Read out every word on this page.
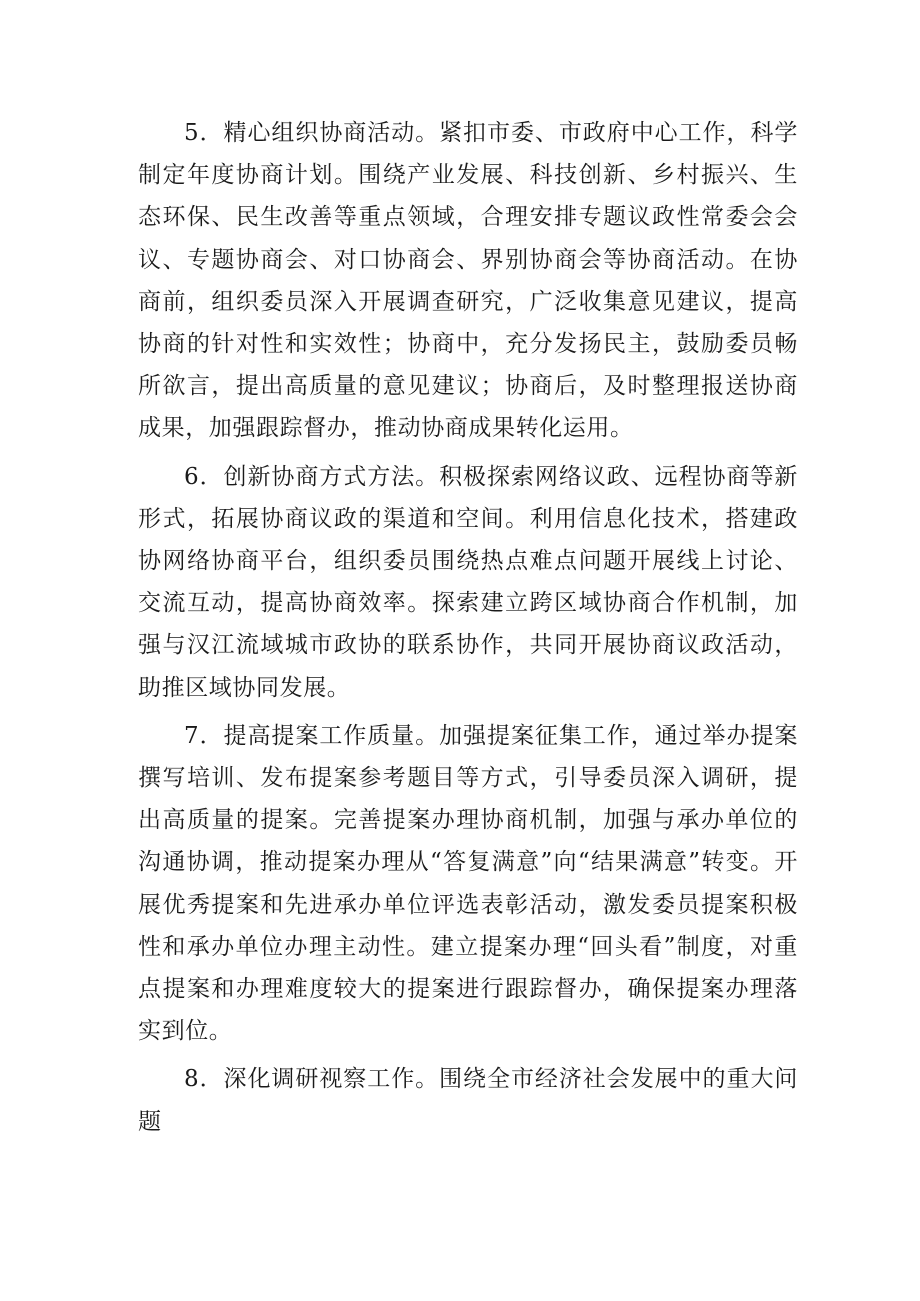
5．精心组织协商活动。紧扣市委、市政府中心工作，科学制定年度协商计划。围绕产业发展、科技创新、乡村振兴、生态环保、民生改善等重点领域，合理安排专题议政性常委会会议、专题协商会、对口协商会、界别协商会等协商活动。在协商前，组织委员深入开展调查研究，广泛收集意见建议，提高协商的针对性和实效性；协商中，充分发扬民主，鼓励委员畅所欲言，提出高质量的意见建议；协商后，及时整理报送协商成果，加强跟踪督办，推动协商成果转化运用。

6．创新协商方式方法。积极探索网络议政、远程协商等新形式，拓展协商议政的渠道和空间。利用信息化技术，搭建政协网络协商平台，组织委员围绕热点难点问题开展线上讨论、交流互动，提高协商效率。探索建立跨区域协商合作机制，加强与汉江流域城市政协的联系协作，共同开展协商议政活动，助推区域协同发展。

7．提高提案工作质量。加强提案征集工作，通过举办提案撰写培训、发布提案参考题目等方式，引导委员深入调研，提出高质量的提案。完善提案办理协商机制，加强与承办单位的沟通协调，推动提案办理从“答复满意”向“结果满意”转变。开展优秀提案和先进承办单位评选表彰活动，激发委员提案积极性和承办单位办理主动性。建立提案办理“回头看”制度，对重点提案和办理难度较大的提案进行跟踪督办，确保提案办理落实到位。

8．深化调研视察工作。围绕全市经济社会发展中的重大问题
